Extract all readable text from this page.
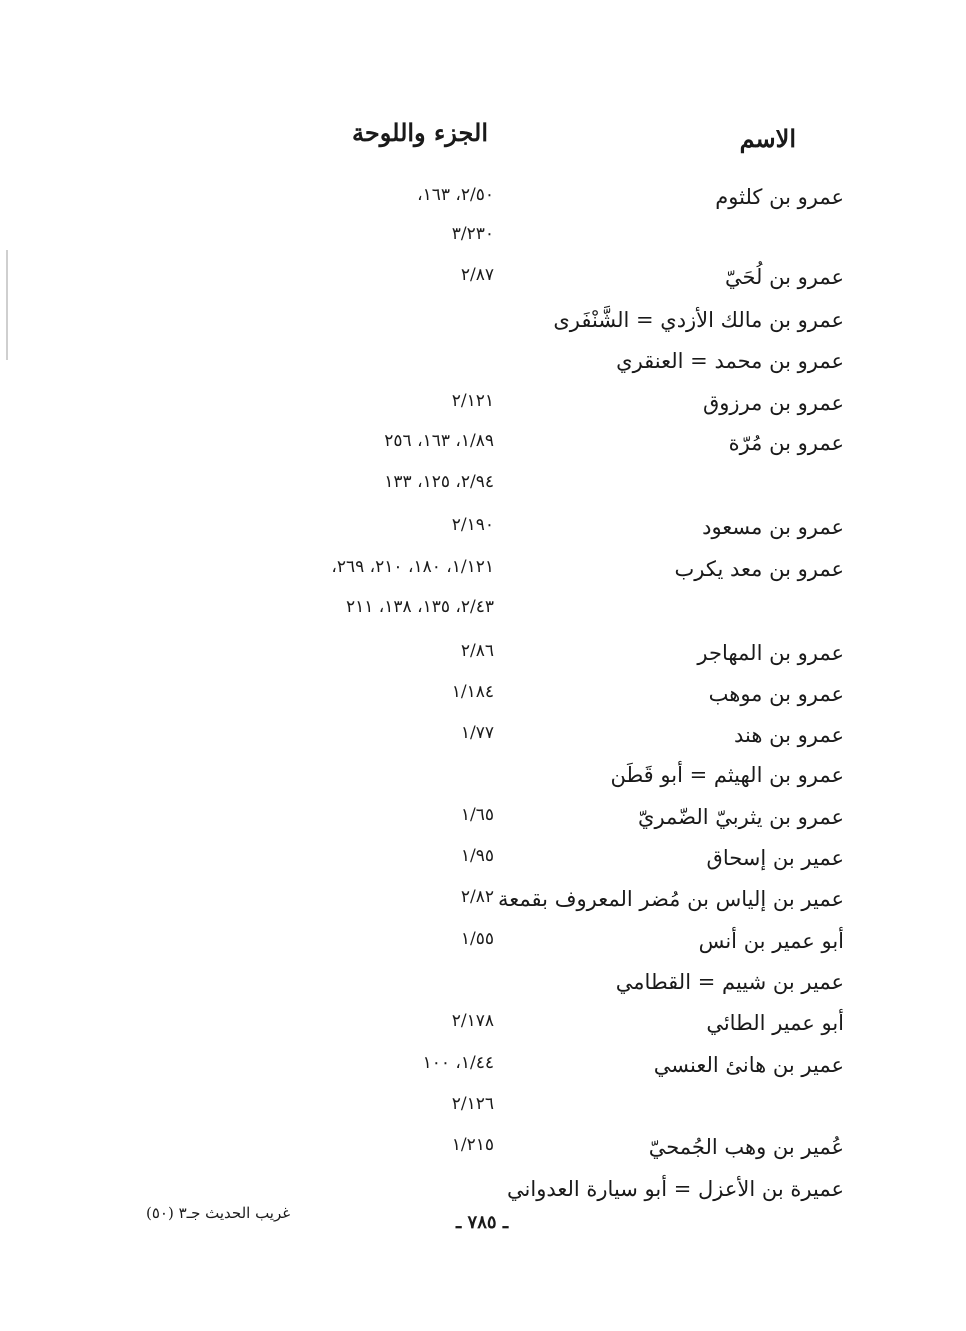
الاسم
الجزء واللوحة
عمرو بن كلثوم
٢/٥٠، ١٦٣،
٣/٢٣٠
عمرو بن لُحَيّ
٢/٨٧
عمرو بن مالك الأزدي = الشَّنْفَرى
عمرو بن محمد = العنقري
عمرو بن مرزوق
٢/١٢١
عمرو بن مُرّة
١/٨٩، ١٦٣، ٢٥٦
٢/٩٤، ١٢٥، ١٣٣
عمرو بن مسعود
٢/١٩٠
عمرو بن معد يكرب
١/١٢١، ١٨٠، ٢١٠، ٢٦٩،
٢/٤٣، ١٣٥، ١٣٨، ٢١١
عمرو بن المهاجر
٢/٨٦
عمرو بن موهب
١/١٨٤
عمرو بن هند
١/٧٧
عمرو بن الهيثم = أبو قَطَن
عمرو بن يثربيّ الضّمريّ
١/٦٥
عمير بن إسحاق
١/٩٥
عمير بن إلياس بن مُضر المعروف بقمعة
٢/٨٢
أبو عمير بن أنس
١/٥٥
عمير بن شييم = القطامي
أبو عمير الطائي
٢/١٧٨
عمير بن هانئ العنسي
١/٤٤، ١٠٠
٢/١٢٦
عُمير بن وهب الجُمحيّ
١/٢١٥
عميرة بن الأعزل = أبو سيارة العدواني
غريب الحديث جـ٣ (٥٠)	ـ ٧٨٥ ـ
